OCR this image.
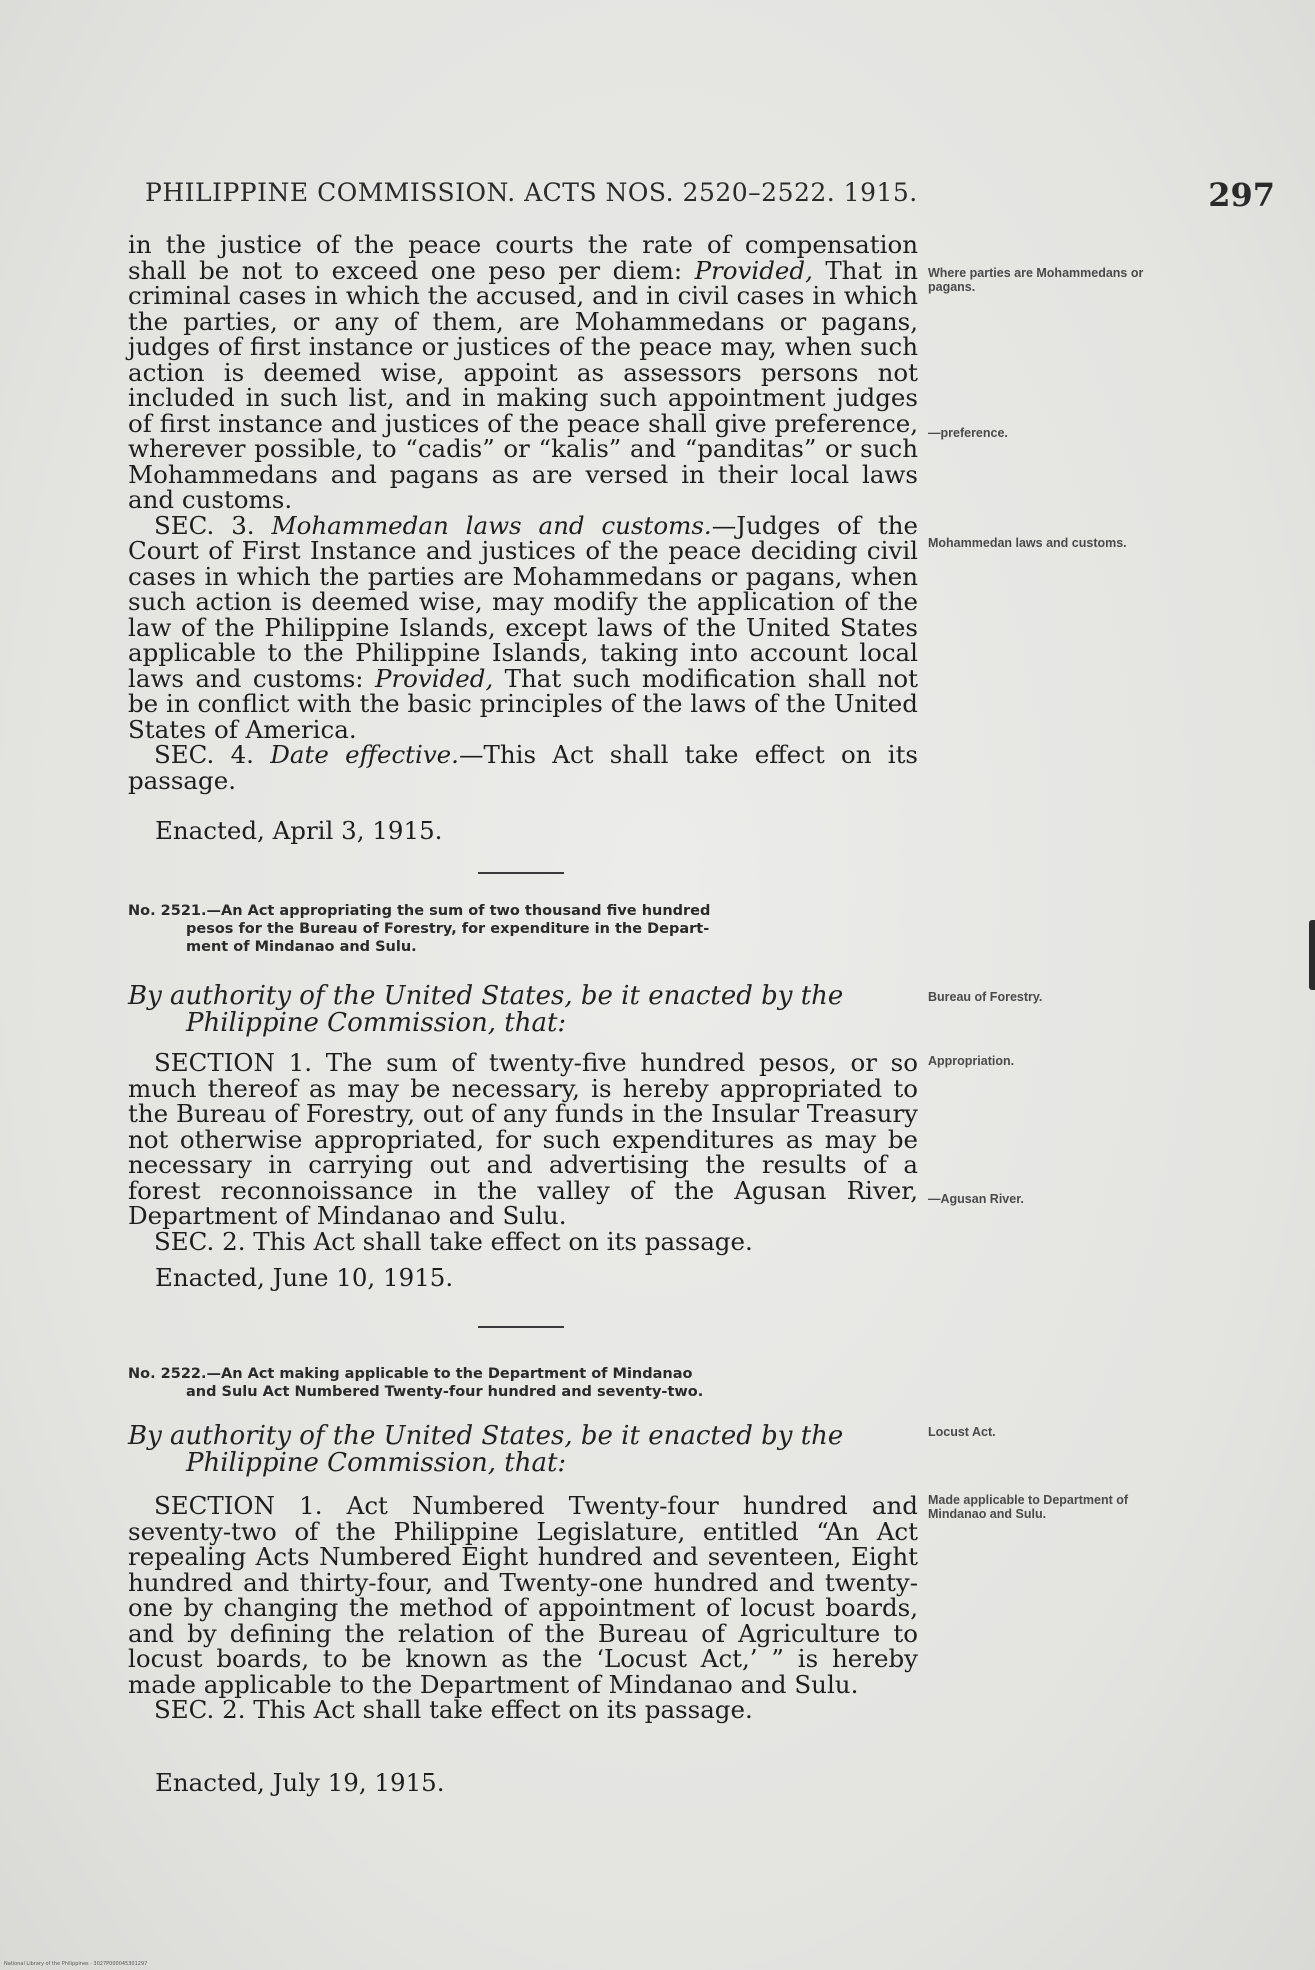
PHILIPPINE COMMISSION. ACTS NOS. 2520–2522. 1915.	297

in the justice of the peace courts the rate of compensation shall be not to exceed one peso per diem: Provided, That in criminal cases in which the accused, and in civil cases in which the parties, or any of them, are Mohammedans or pagans, judges of first instance or justices of the peace may, when such action is deemed wise, appoint as assessors persons not included in such list, and in making such appointment judges of first instance and justices of the peace shall give preference, wherever possible, to “cadis” or “kalis” and “panditas” or such Mohammedans and pagans as are versed in their local laws and customs.

SEC. 3. Mohammedan laws and customs.—Judges of the Court of First Instance and justices of the peace deciding civil cases in which the parties are Mohammedans or pagans, when such action is deemed wise, may modify the application of the law of the Philippine Islands, except laws of the United States applicable to the Philippine Islands, taking into account local laws and customs: Provided, That such modification shall not be in conflict with the basic principles of the laws of the United States of America.

SEC. 4. Date effective.—This Act shall take effect on its passage.

Enacted, April 3, 1915.
No. 2521.—An Act appropriating the sum of two thousand five hundred
pesos for the Bureau of Forestry, for expenditure in the Depart-
ment of Mindanao and Sulu.
By authority of the United States, be it enacted by the
Philippine Commission, that:

SECTION 1. The sum of twenty-five hundred pesos, or so much thereof as may be necessary, is hereby appropriated to the Bureau of Forestry, out of any funds in the Insular Treasury not otherwise appropriated, for such expenditures as may be necessary in carrying out and advertising the results of a forest reconnoissance in the valley of the Agusan River, Department of Mindanao and Sulu.

SEC. 2. This Act shall take effect on its passage.

Enacted, June 10, 1915.
No. 2522.—An Act making applicable to the Department of Mindanao
and Sulu Act Numbered Twenty-four hundred and seventy-two.
By authority of the United States, be it enacted by the
Philippine Commission, that:

SECTION 1. Act Numbered Twenty-four hundred and seventy-two of the Philippine Legislature, entitled “An Act repealing Acts Numbered Eight hundred and seventeen, Eight hundred and thirty-four, and Twenty-one hundred and twenty-one by changing the method of appointment of locust boards, and by defining the relation of the Bureau of Agriculture to locust boards, to be known as the ‘Locust Act,’ ” is hereby made applicable to the Department of Mindanao and Sulu.

SEC. 2. This Act shall take effect on its passage.

Enacted, July 19, 1915.
Where parties are Mohammedans or pagans.
—preference.
Mohammedan laws and customs.
Bureau of Forestry.
Appropriation.
—Agusan River.
Locust Act.
Made applicable to Department of Mindanao and Sulu.
National Library of the Philippines · 3027P000045301297
